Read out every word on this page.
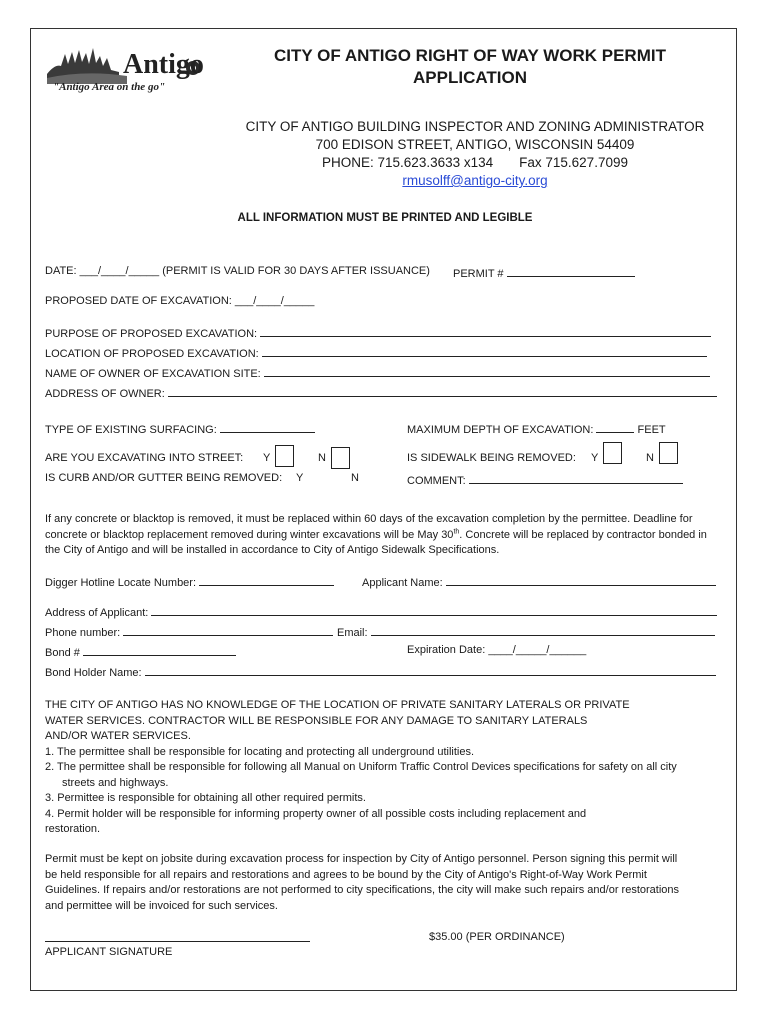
Antigo
"Antigo Area on the go"
CITY OF ANTIGO RIGHT OF WAY WORK PERMIT
APPLICATION
CITY OF ANTIGO BUILDING INSPECTOR AND ZONING ADMINISTRATOR
700 EDISON STREET, ANTIGO, WISCONSIN 54409
PHONE: 715.623.3633 x134 Fax 715.627.7099
rmusolff@antigo-city.org
ALL INFORMATION MUST BE PRINTED AND LEGIBLE
DATE: ___/____/_____ (PERMIT IS VALID FOR 30 DAYS AFTER ISSUANCE) PERMIT #
PROPOSED DATE OF EXCAVATION: ___/____/_____
PURPOSE OF PROPOSED EXCAVATION:
LOCATION OF PROPOSED EXCAVATION:
NAME OF OWNER OF EXCAVATION SITE:
ADDRESS OF OWNER:
TYPE OF EXISTING SURFACING:	MAXIMUM DEPTH OF EXCAVATION:	FEET
ARE YOU EXCAVATING INTO STREET: Y	N	IS SIDEWALK BEING REMOVED: Y	N
IS CURB AND/OR GUTTER BEING REMOVED: Y	N	COMMENT:
If any concrete or blacktop is removed, it must be replaced within 60 days of the excavation completion by the permittee. Deadline for concrete or blacktop replacement removed during winter excavations will be May 30th. Concrete will be replaced by contractor bonded in the City of Antigo and will be installed in accordance to City of Antigo Sidewalk Specifications.
Digger Hotline Locate Number:	Applicant Name:
Address of Applicant:
Phone number:	Email:
Bond #	Expiration Date: ____/_____/______
Bond Holder Name:
THE CITY OF ANTIGO HAS NO KNOWLEDGE OF THE LOCATION OF PRIVATE SANITARY LATERALS OR PRIVATE
WATER SERVICES. CONTRACTOR WILL BE RESPONSIBLE FOR ANY DAMAGE TO SANITARY LATERALS
AND/OR WATER SERVICES.
1. The permittee shall be responsible for locating and protecting all underground utilities.
2. The permittee shall be responsible for following all Manual on Uniform Traffic Control Devices specifications for safety on all city
streets and highways.
3. Permittee is responsible for obtaining all other required permits.
4. Permit holder will be responsible for informing property owner of all possible costs including replacement and
restoration.
Permit must be kept on jobsite during excavation process for inspection by City of Antigo personnel. Person signing this permit will be held responsible for all repairs and restorations and agrees to be bound by the City of Antigo's Right-of-Way Work Permit Guidelines. If repairs and/or restorations are not performed to city specifications, the city will make such repairs and/or restorations and permittee will be invoiced for such services.
$35.00 (PER ORDINANCE)
APPLICANT SIGNATURE
